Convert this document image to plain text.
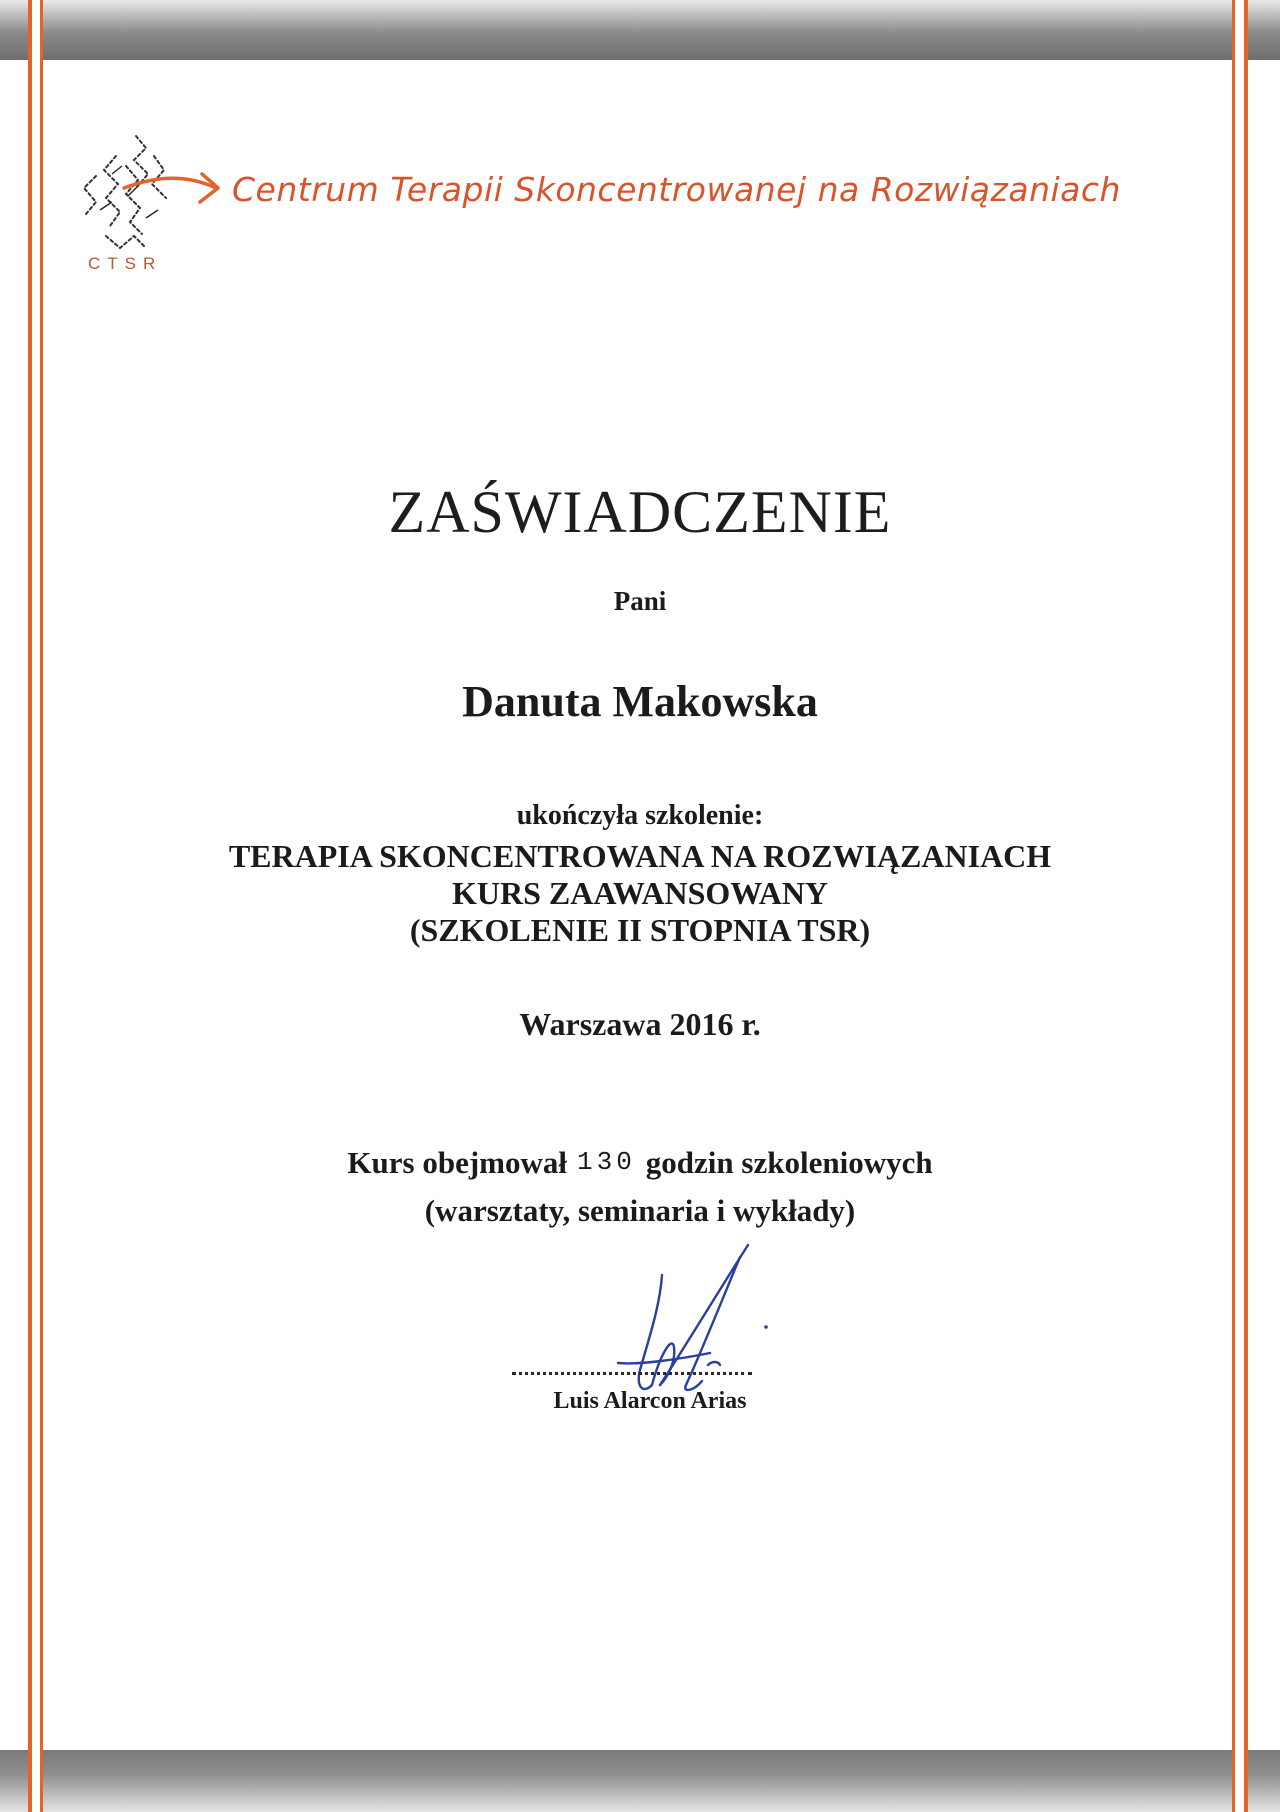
Centrum Terapii Skoncentrowanej na Rozwiązaniach
CTSR
ZAŚWIADCZENIE
Pani
Danuta Makowska
ukończyła szkolenie:
TERAPIA SKONCENTROWANA NA ROZWIĄZANIACH
KURS ZAAWANSOWANY
(SZKOLENIE II STOPNIA TSR)
Warszawa 2016 r.
Kurs obejmował 130 godzin szkoleniowych
(warsztaty, seminaria i wykłady)
Luis Alarcon Arias
